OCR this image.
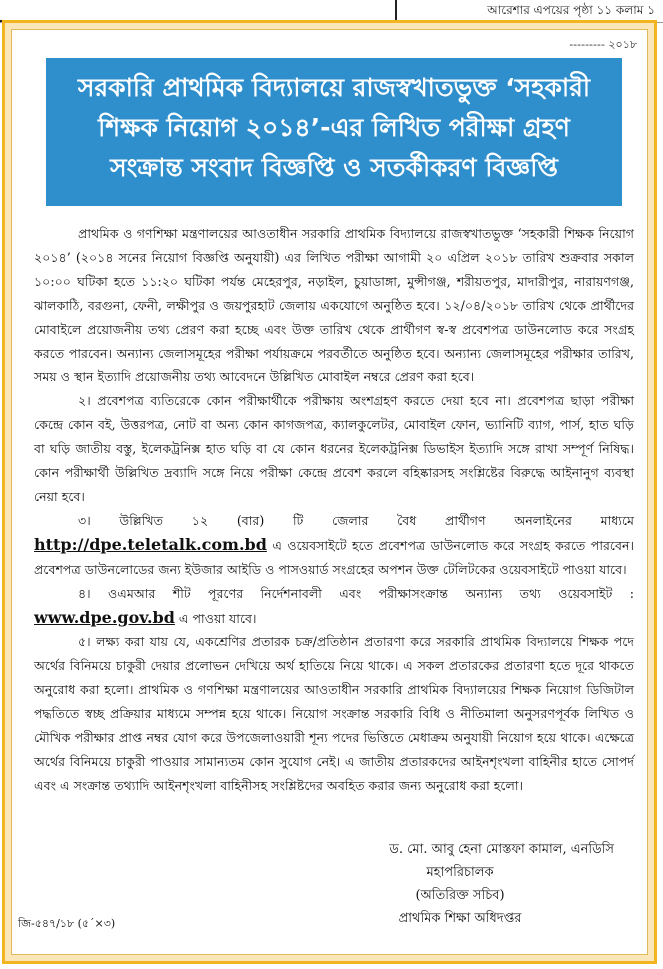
আরেশার এপয়ের পৃষ্ঠা ১১ কলাম ১
--------- ২০১৮
সরকারি প্রাথমিক বিদ্যালয়ে রাজস্বখাতভুক্ত ‘সহকারী
শিক্ষক নিয়োগ ২০১৪’-এর লিখিত পরীক্ষা গ্রহণ
সংক্রান্ত সংবাদ বিজ্ঞপ্তি ও সতর্কীকরণ বিজ্ঞপ্তি

প্রাথমিক ও গণশিক্ষা মন্ত্রণালয়ের আওতাধীন সরকারি প্রাথমিক বিদ্যালয়ে রাজস্বখাতভুক্ত ‘সহকারী শিক্ষক নিয়োগ ২০১৪’ (২০১৪ সনের নিয়োগ বিজ্ঞপ্তি অনুযায়ী) এর লিখিত পরীক্ষা আগামী ২০ এপ্রিল ২০১৮ তারিখ শুক্রবার সকাল ১০:০০ ঘটিকা হতে ১১:২০ ঘটিকা পর্যন্ত মেহেরপুর, নড়াইল, চুয়াডাঙ্গা, মুন্সীগঞ্জ, শরীয়তপুর, মাদারীপুর, নারায়ণগঞ্জ, ঝালকাঠি, বরগুনা, ফেনী, লক্ষীপুর ও জয়পুরহাট জেলায় একযোগে অনুষ্ঠিত হবে। ১২/০৪/২০১৮ তারিখ থেকে প্রার্থীদের মোবাইলে প্রয়োজনীয় তথ্য প্রেরণ করা হচ্ছে এবং উক্ত তারিখ থেকে প্রার্থীগণ স্ব-স্ব প্রবেশপত্র ডাউনলোড করে সংগ্রহ করতে পারবেন। অন্যান্য জেলাসমূহের পরীক্ষা পর্যায়ক্রমে পরবর্তীতে অনুষ্ঠিত হবে। অন্যান্য জেলাসমূহের পরীক্ষার তারিখ, সময় ও স্থান ইত্যাদি প্রয়োজনীয় তথ্য আবেদনে উল্লিখিত মোবাইল নম্বরে প্রেরণ করা হবে।

২। প্রবেশপত্র ব্যতিরেকে কোন পরীক্ষার্থীকে পরীক্ষায় অংশগ্রহণ করতে দেয়া হবে না। প্রবেশপত্র ছাড়া পরীক্ষা কেন্দ্রে কোন বই, উত্তরপত্র, নোট বা অন্য কোন কাগজপত্র, ক্যালকুলেটর, মোবাইল ফোন, ভ্যানিটি ব্যাগ, পার্স, হাত ঘড়ি বা ঘড়ি জাতীয় বস্তু, ইলেকট্রনিক্স হাত ঘড়ি বা যে কোন ধরনের ইলেকট্রনিক্স ডিভাইস ইত্যাদি সঙ্গে রাখা সম্পূর্ণ নিষিদ্ধ। কোন পরীক্ষার্থী উল্লিখিত দ্রব্যাদি সঙ্গে নিয়ে পরীক্ষা কেন্দ্রে প্রবেশ করলে বহিষ্কারসহ সংশ্লিষ্টের বিরুদ্ধে আইনানুগ ব্যবস্থা নেয়া হবে।

৩। উল্লিখিত ১২ (বার) টি জেলার বৈধ প্রার্থীগণ অনলাইনের মাধ্যমে http://dpe.teletalk.com.bd এ ওয়েবসাইটে হতে প্রবেশপত্র ডাউনলোড করে সংগ্রহ করতে পারবেন। প্রবেশপত্র ডাউনলোডের জন্য ইউজার আইডি ও পাসওয়ার্ড সংগ্রহের অপশন উক্ত টেলিটকের ওয়েবসাইটে পাওয়া যাবে।

৪। ওএমআর শীট পূরণের নির্দেশনাবলী এবং পরীক্ষাসংক্রান্ত অন্যান্য তথ্য ওয়েবসাইট : www.dpe.gov.bd এ পাওয়া যাবে।

৫। লক্ষ্য করা যায় যে, একশ্রেণির প্রতারক চক্র/প্রতিষ্ঠান প্রতারণা করে সরকারি প্রাথমিক বিদ্যালয়ে শিক্ষক পদে অর্থের বিনিময়ে চাকুরী দেয়ার প্রলোভন দেখিয়ে অর্থ হাতিয়ে নিয়ে থাকে। এ সকল প্রতারকের প্রতারণা হতে দূরে থাকতে অনুরোধ করা হলো। প্রাথমিক ও গণশিক্ষা মন্ত্রণালয়ের আওতাধীন সরকারি প্রাথমিক বিদ্যালয়ের শিক্ষক নিয়োগ ডিজিটাল পদ্ধতিতে স্বচ্ছ প্রক্রিয়ার মাধ্যমে সম্পন্ন হয়ে থাকে। নিয়োগ সংক্রান্ত সরকারি বিধি ও নীতিমালা অনুসরণপূর্বক লিখিত ও মৌখিক পরীক্ষার প্রাপ্ত নম্বর যোগ করে উপজেলাওয়ারী শূন্য পদের ভিত্তিতে মেধাক্রম অনুযায়ী নিয়োগ হয়ে থাকে। এক্ষেত্রে অর্থের বিনিময়ে চাকুরী পাওয়ার সামান্যতম কোন সুযোগ নেই। এ জাতীয় প্রতারকদের আইনশৃংখলা বাহিনীর হাতে সোপর্দ এবং এ সংক্রান্ত তথ্যাদি আইনশৃংখলা বাহিনীসহ সংশ্লিষ্টদের অবহিত করার জন্য অনুরোধ করা হলো।

ড. মো. আবু হেনা মোস্তফা কামাল, এনডিসি
মহাপরিচালক
(অতিরিক্ত সচিব)
প্রাথমিক শিক্ষা অধিদপ্তর
জি-৫৪৭/১৮ (৫´×৩)
